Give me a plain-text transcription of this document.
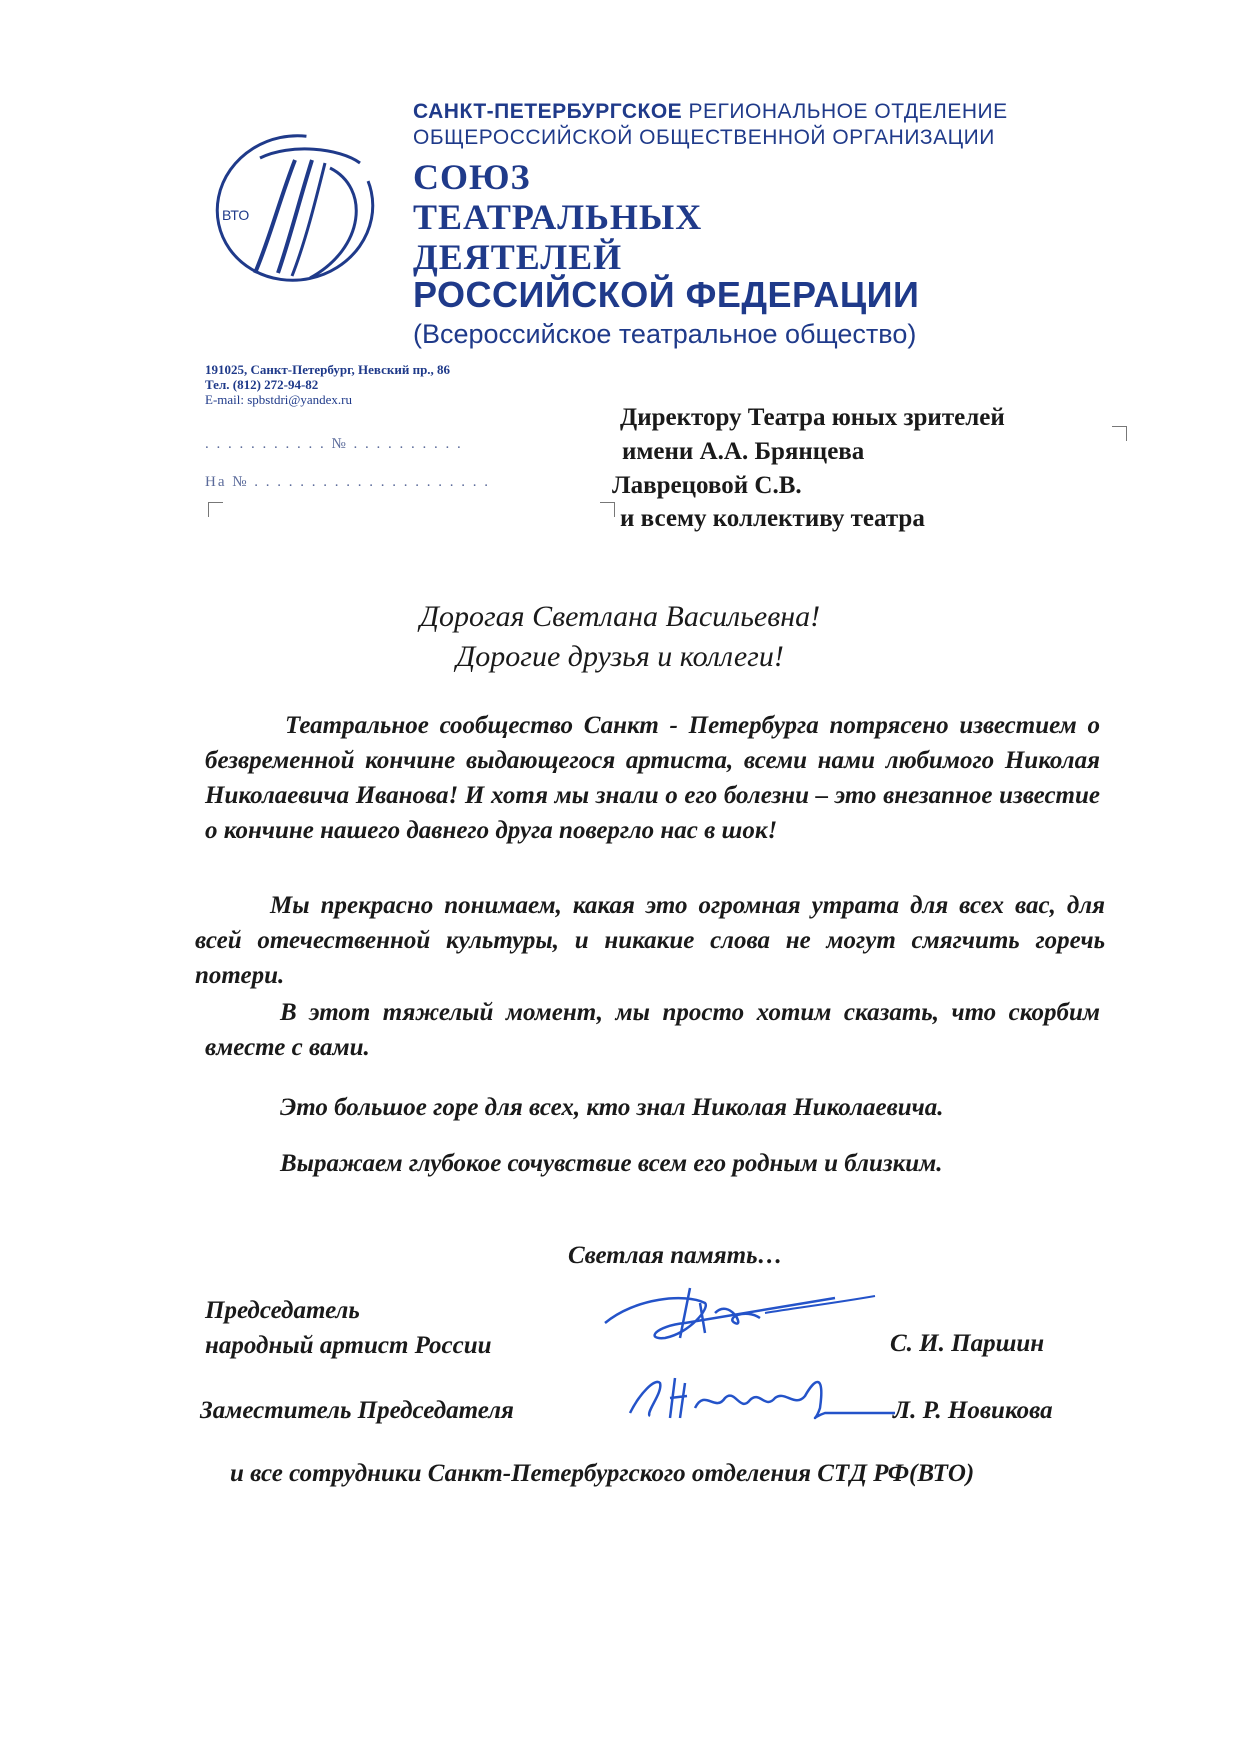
ВТО
САНКТ-ПЕТЕРБУРГСКОЕ РЕГИОНАЛЬНОЕ ОТДЕЛЕНИЕ
ОБЩЕРОССИЙСКОЙ ОБЩЕСТВЕННОЙ ОРГАНИЗАЦИИ
СОЮЗ
ТЕАТРАЛЬНЫХ
ДЕЯТЕЛЕЙ
РОССИЙСКОЙ ФЕДЕРАЦИИ
(Всероссийское театральное общество)
191025, Санкт-Петербург, Невский пр., 86
Тел. (812) 272-94-82
E-mail: spbstdri@yandex.ru
. . . . . . . . . . . № . . . . . . . . . .
На № . . . . . . . . . . . . . . . . . . . . .
Директору Театра юных зрителей
имени А.А. Брянцева
Лаврецовой С.В.
и всему коллективу театра
Дорогая Светлана Васильевна!
Дорогие друзья и коллеги!
Театральное сообщество Санкт - Петербурга потрясено известием о безвременной кончине выдающегося артиста, всеми нами любимого Николая Николаевича Иванова! И хотя мы знали о его болезни – это внезапное известие о кончине нашего давнего друга повергло нас в шок!
Мы прекрасно понимаем, какая это огромная утрата для всех вас, для всей отечественной культуры, и никакие слова не могут смягчить горечь потери.
В этот тяжелый момент, мы просто хотим сказать, что скорбим вместе с вами.
Это большое горе для всех, кто знал Николая Николаевича.
Выражаем глубокое сочувствие всем его родным и близким.
Светлая память…
Председатель
народный артист России	С. И. Паршин
Заместитель Председателя	Л. Р. Новикова
и все сотрудники Санкт-Петербургского отделения СТД РФ(ВТО)
